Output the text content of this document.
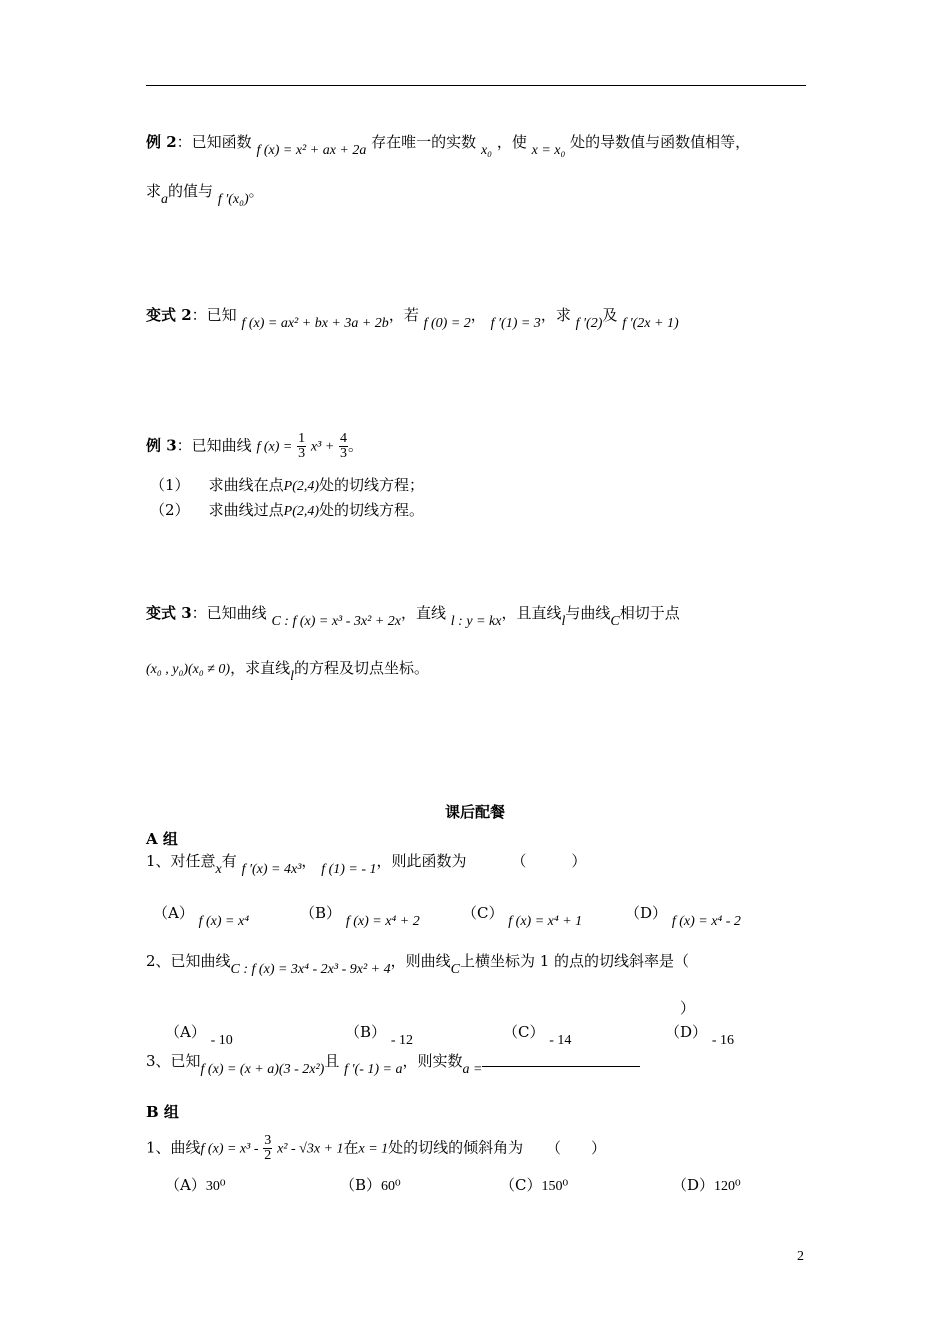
例 2：已知函数 f (x) = x² + ax + 2a 存在唯一的实数 x₀ ，使 x = x₀ 处的导数值与函数值相等，
求a的值与 f ′(x₀)。
变式 2：已知 f (x) = ax² + bx + 3a + 2b，若 f (0) = 2， f ′(1) = 3，求 f ′(2)及 f ′(2x + 1)
例 3：已知曲线 f $(x) = \frac{1}{3} x^3 + \frac{4}{3}$ 。
（1） 求曲线在点P(2,4)处的切线方程；
（2） 求曲线过点P(2,4)处的切线方程。
变式 3：已知曲线 C : f (x) = x³ - 3x² + 2x，直线 l : y = kx，且直线l与曲线C相切于点
(x₀ , y₀)(x₀ ≠ 0)，求直线l的方程及切点坐标。
课后配餐
A 组
1、对任意x有 f ′(x) = 4x³， f (1) = - 1，则此函数为	（　　　）
（A） f (x) = x⁴	（B） f (x) = x⁴ + 2	（C） f (x) = x⁴ + 1	（D） f (x) = x⁴ - 2
2、已知曲线C : f (x) = 3x⁴ - 2x³ - 9x² + 4，则曲线C上横坐标为 1 的点的切线斜率是（
）
（A） - 10	（B） - 12	（C） - 14	（D） - 16
3、已知f (x) = (x + a)(3 - 2x²)且 f ′(- 1) = a，则实数a =
B 组
1、曲线f $(x) = x^3 - \frac{3}{2} x^2 - √3x + 1$在x = 1处的切线的倾斜角为 （　　）
（A）30⁰	（B）60⁰	（C）150⁰	（D）120⁰
2
